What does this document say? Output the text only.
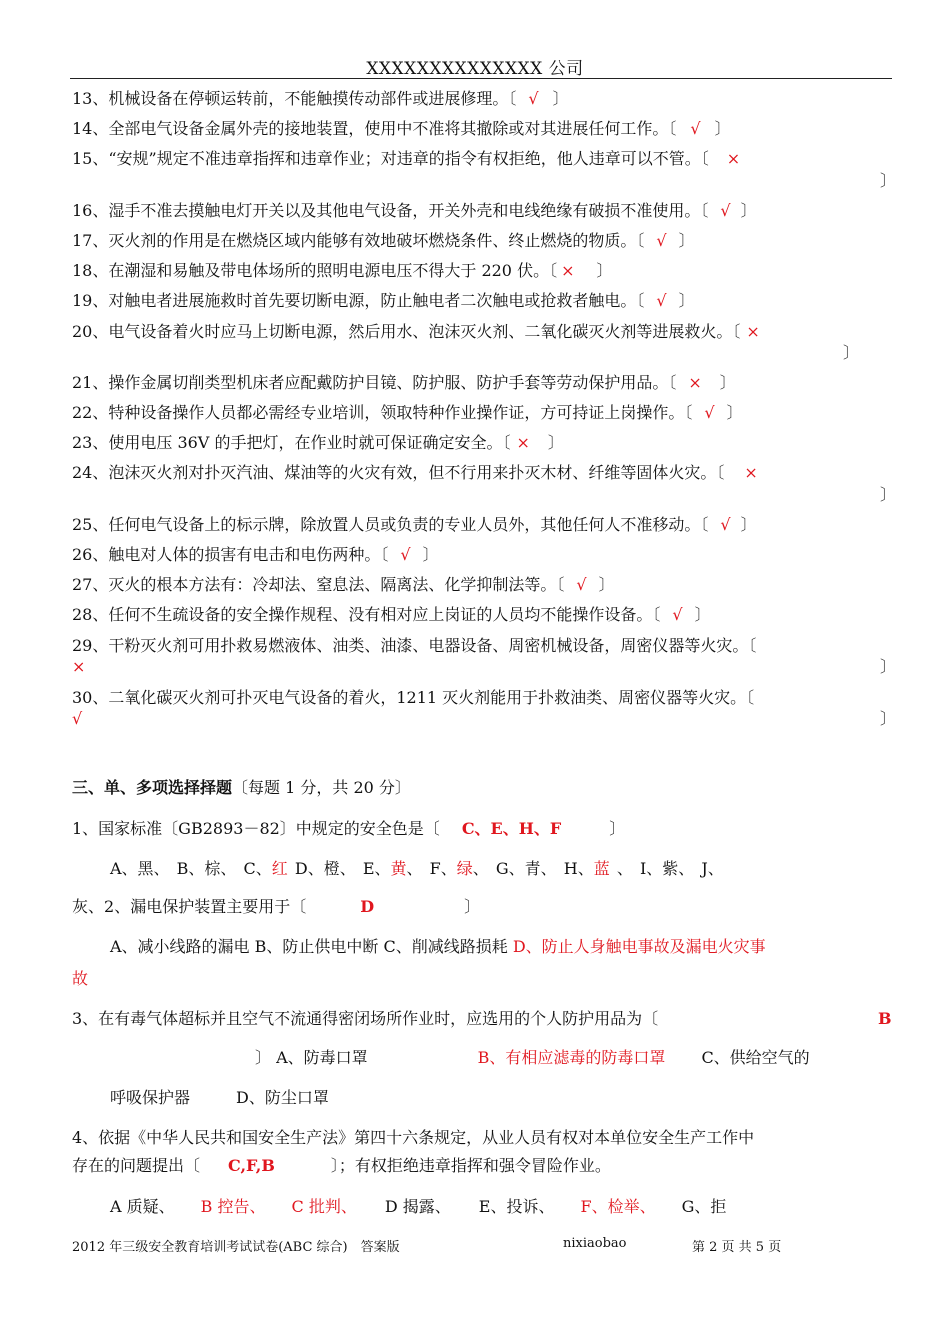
XXXXXXXXXXXXXX 公司
13、机械设备在停顿运转前，不能触摸传动部件或进展修理。〔 √ 〕
14、全部电气设备金属外壳的接地装置，使用中不准将其撤除或对其进展任何工作。〔 √ 〕
15、“安规”规定不准违章指挥和违章作业；对违章的指令有权拒绝，他人违章可以不管。〔 ×
〕
16、湿手不准去摸触电灯开关以及其他电气设备，开关外壳和电线绝缘有破损不准使用。〔 √ 〕
17、灭火剂的作用是在燃烧区域内能够有效地破坏燃烧条件、终止燃烧的物质。〔 √ 〕
18、在潮湿和易触及带电体场所的照明电源电压不得大于 220 伏。〔 × 〕
19、对触电者进展施救时首先要切断电源，防止触电者二次触电或抢救者触电。〔 √ 〕
20、电气设备着火时应马上切断电源，然后用水、泡沫灭火剂、二氧化碳灭火剂等进展救火。〔 ×
〕
21、操作金属切削类型机床者应配戴防护目镜、防护服、防护手套等劳动保护用品。〔 × 〕
22、特种设备操作人员都必需经专业培训，领取特种作业操作证，方可持证上岗操作。〔 √ 〕
23、使用电压 36V 的手把灯，在作业时就可保证确定安全。〔 × 〕
24、泡沫灭火剂对扑灭汽油、煤油等的火灾有效，但不行用来扑灭木材、纤维等固体火灾。〔 ×
〕
25、任何电气设备上的标示牌，除放置人员或负责的专业人员外，其他任何人不准移动。〔 √ 〕
26、触电对人体的损害有电击和电伤两种。〔 √ 〕
27、灭火的根本方法有：冷却法、窒息法、隔离法、化学抑制法等。〔 √ 〕
28、任何不生疏设备的安全操作规程、没有相对应上岗证的人员均不能操作设备。〔 √ 〕
29、干粉灭火剂可用扑救易燃液体、油类、油漆、电器设备、周密机械设备，周密仪器等火灾。〔
×	〕
30、二氧化碳灭火剂可扑灭电气设备的着火，1211 灭火剂能用于扑救油类、周密仪器等火灾。〔
√	〕
三、单、多项选择择题〔每题 1 分，共 20 分〕
1、国家标准〔GB2893－82〕中规定的安全色是〔 C、E、H、F	〕
A、黑、 B、棕、 C、红 D、橙、 E、黄、 F、绿、 G、青、 H、蓝 、 I、紫、 J、
灰、2、漏电保护装置主要用于〔	D	〕
A、减小线路的漏电 B、防止供电中断 C、削减线路损耗 D、防止人身触电事故及漏电火灾事
故
3、在有毒气体超标并且空气不流通得密闭场所作业时，应选用的个人防护用品为〔	B
〕 A、防毒口罩	B、有相应滤毒的防毒口罩 C、供给空气的
呼吸保护器	D、防尘口罩
4、依据《中华人民共和国安全生产法》第四十六条规定，从业人员有权对本单位安全生产工作中
存在的问题提出〔 C,F,B	〕；有权拒绝违章指挥和强令冒险作业。
A 质疑、 B 控告、 C 批判、 D 揭露、 E、投诉、 F、检举、 G、拒
2012 年三级安全教育培训考试试卷(ABC 综合)　答案版	nixiaobao	第 2 页 共 5 页
